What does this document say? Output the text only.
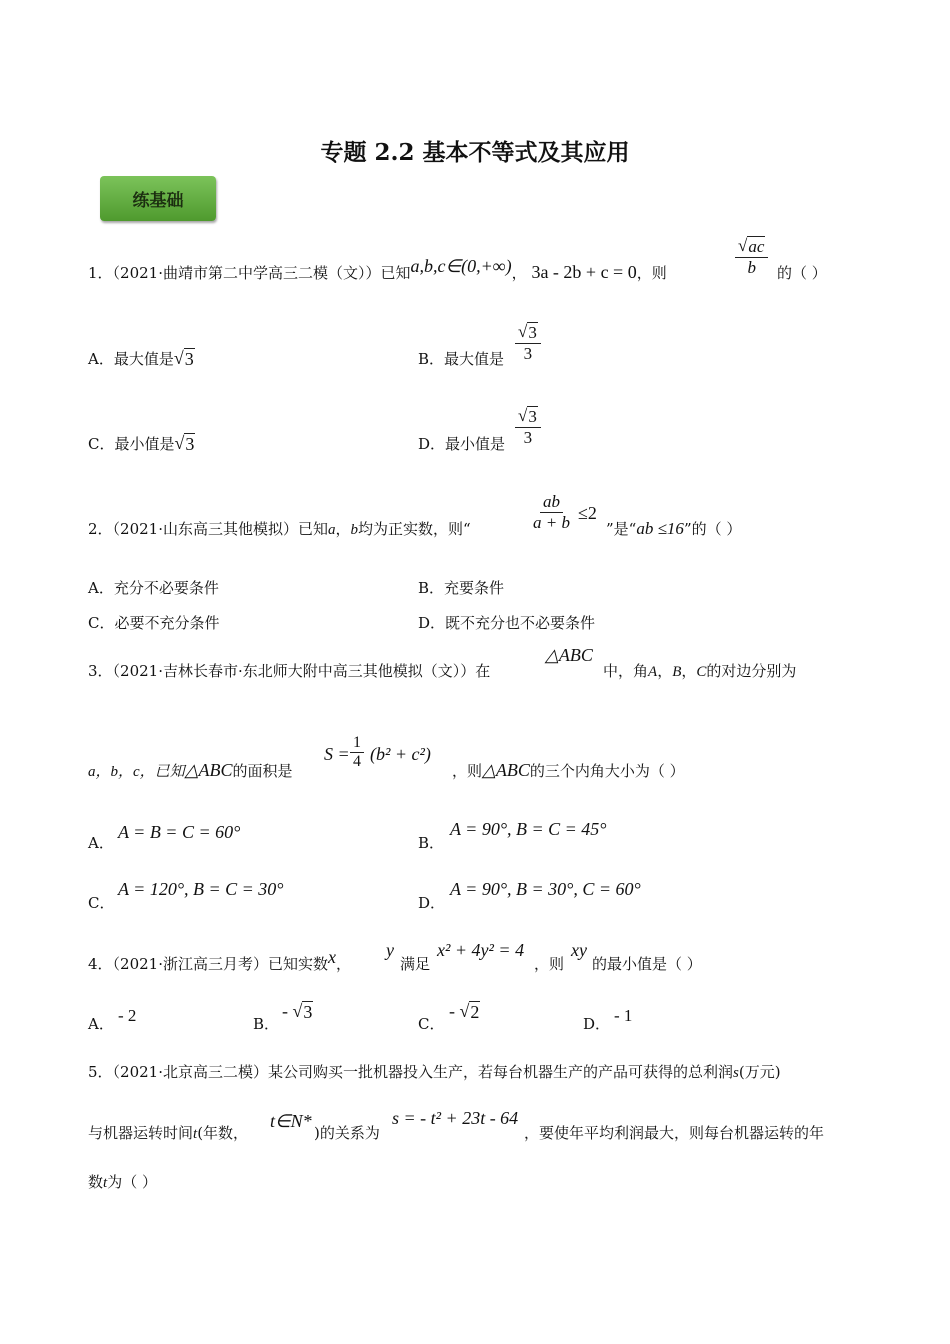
专题 2.2 基本不等式及其应用
练基础
1．（2021·曲靖市第二中学高三二模（文））已知a,b,c∈(0,+∞)， 3a - 2b + c = 0，则	$\frac{√ ac}{b}$ 的（ ）
A．最大值是 √ 3	B．最大值是 $\frac{√ 3}{3}$
C．最小值是 √ 3	D．最小值是 $\frac{√ 3}{3}$
2．（2021·山东高三其他模拟）已知a，b均为正实数，则“	$\frac{ab}{a + b} \le 2$
”是“ab ≤16”的（ ）
A．充分不必要条件	B．充要条件
C．必要不充分条件	D．既不充分也不必要条件
3．（2021·吉林长春市·东北师大附中高三其他模拟（文））在
△ABC
中，角A，B，C的对边分别为
a，b，c，已知△ABC的面积是
$S = \frac{1}{4} (b^2 + c^2)$
，则△ABC的三个内角大小为（ ）
A．
A = B = C = 60°
B．
A = 90°, B = C = 45°
C．
A = 120°, B = C = 30°
D．
A = 90°, B = 30°, C = 60°
4．（2021·浙江高三月考）已知实数x，
y
满足
x² + 4y² = 4
，则
xy
的最小值是（ ）
A． - 2	B．
- √ 3
C．
- √ 2
D． - 1
5．（2021·北京高三二模）某公司购买一批机器投入生产，若每台机器生产的产品可获得的总利润s(万元)
与机器运转时间t(年数，
t∈N*
)的关系为
s = - t² + 23t - 64
，要使年平均利润最大，则每台机器运转的年
数t为（ ）
